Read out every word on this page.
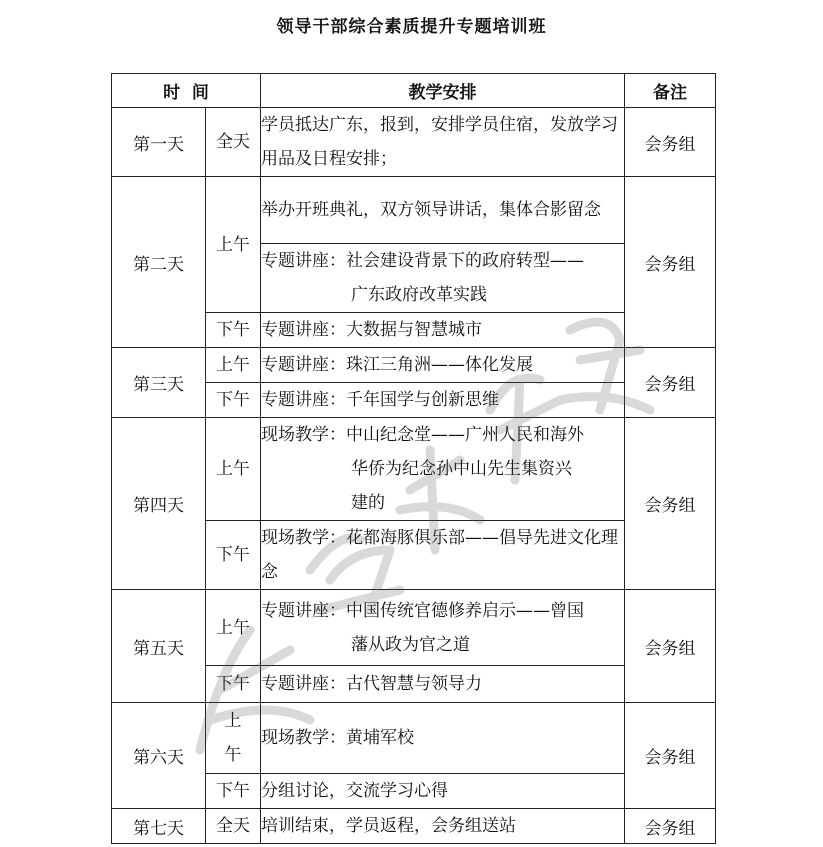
领导干部综合素质提升专题培训班
时  间		教学安排	备注
第一天	全天	学员抵达广东，报到，安排学员住宿，发放学习用品及日程安排；	会务组
第二天	上午	举办开班典礼，双方领导讲话，集体合影留念	会务组
		专题讲座：社会建设背景下的政府转型——
广东政府改革实践	

	下午	专题讲座：大数据与智慧城市	
第三天	上午	专题讲座：珠江三角洲——体化发展	会务组
	下午	专题讲座：千年国学与创新思维	
第四天	上午	现场教学：中山纪念堂——广州人民和海外
华侨为纪念孙中山先生集资兴
建的	会务组
	下午	现场教学：花都海豚俱乐部——倡导先进文化理念	
第五天	上午	专题讲座：中国传统官德修养启示——曾国
藩从政为官之道	会务组
	下午	专题讲座：古代智慧与领导力	
第六天	上午	现场教学：黄埔军校	会务组
	下午	分组讨论，交流学习心得	
第七天	全天	培训结束，学员返程，会务组送站	会务组
